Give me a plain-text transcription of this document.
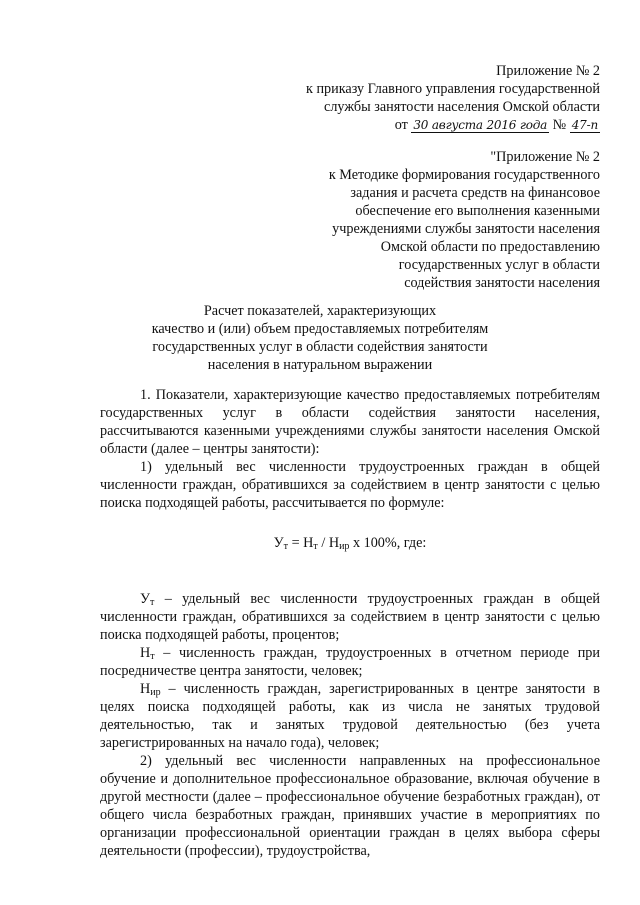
Приложение № 2
к приказу Главного управления государственной
службы занятости населения Омской области
от 30 августа 2016 года № 47-п
"Приложение № 2
к Методике формирования государственного
задания и расчета средств на финансовое
обеспечение его выполнения казенными
учреждениями службы занятости населения
Омской области по предоставлению
государственных услуг в области
содействия занятости населения
Расчет показателей, характеризующих
качество и (или) объем предоставляемых потребителям
государственных услуг в области содействия занятости
населения в натуральном выражении
1. Показатели, характеризующие качество предоставляемых потребителям государственных услуг в области содействия занятости населения, рассчитываются казенными учреждениями службы занятости населения Омской области (далее – центры занятости):
1) удельный вес численности трудоустроенных граждан в общей численности граждан, обратившихся за содействием в центр занятости с целью поиска подходящей работы, рассчитывается по формуле:
$У_т = Н_т / Н_{ир}$ х 100%, где:
$У_т$ – удельный вес численности трудоустроенных граждан в общей численности граждан, обратившихся за содействием в центр занятости с целью поиска подходящей работы, процентов;
$Н_т$ – численность граждан, трудоустроенных в отчетном периоде при посредничестве центра занятости, человек;
$Н_{ир}$ – численность граждан, зарегистрированных в центре занятости в целях поиска подходящей работы, как из числа не занятых трудовой деятельностью, так и занятых трудовой деятельностью (без учета зарегистрированных на начало года), человек;
2) удельный вес численности направленных на профессиональное обучение и дополнительное профессиональное образование, включая обучение в другой местности (далее – профессиональное обучение безработных граждан), от общего числа безработных граждан, принявших участие в мероприятиях по организации профессиональной ориентации граждан в целях выбора сферы деятельности (профессии), трудоустройства,
